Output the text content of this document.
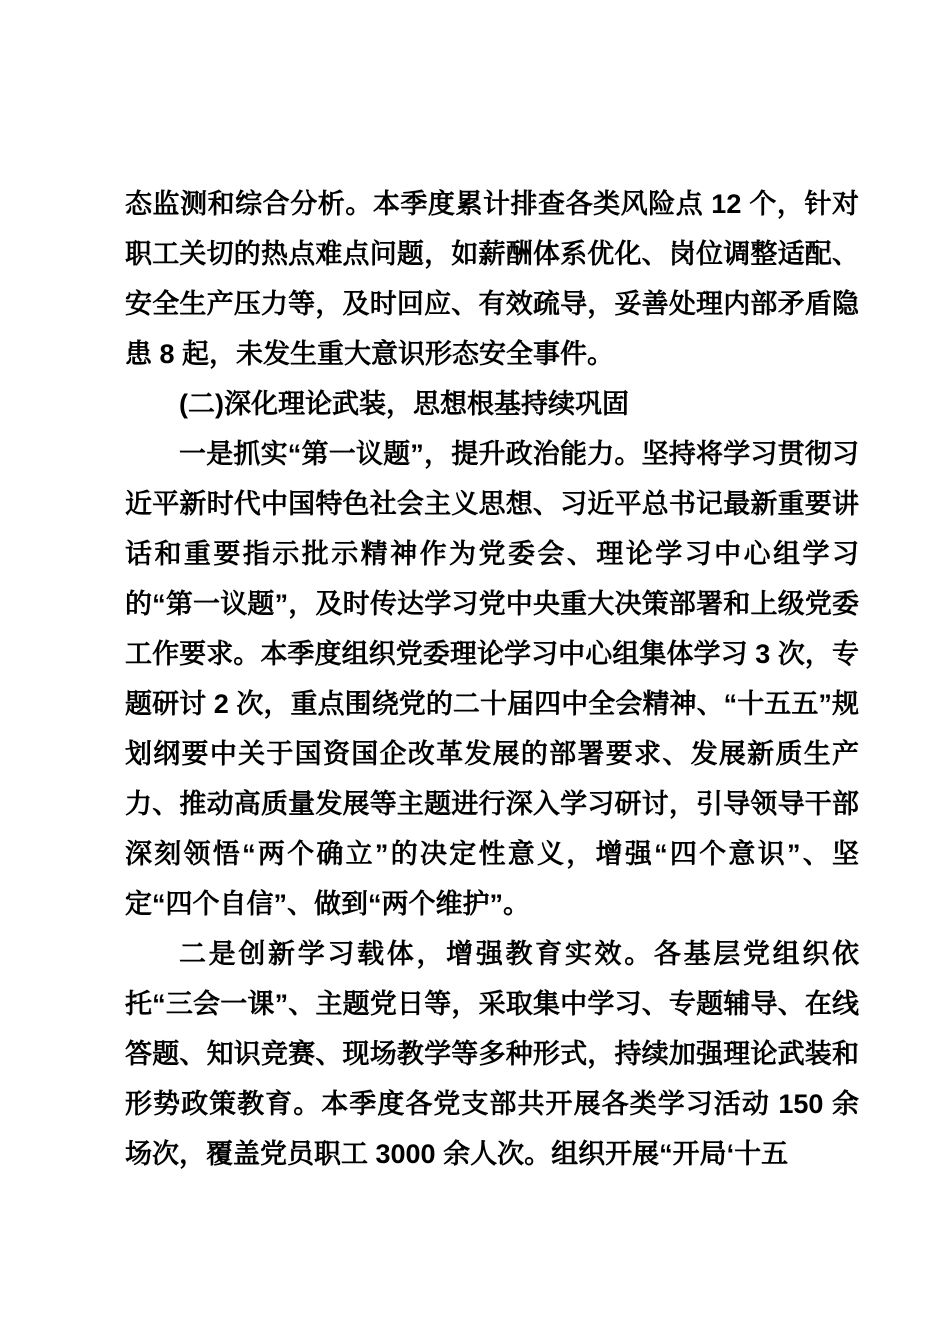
态监测和综合分析。本季度累计排查各类风险点 12 个，针对职工关切的热点难点问题，如薪酬体系优化、岗位调整适配、安全生产压力等，及时回应、有效疏导，妥善处理内部矛盾隐患 8 起，未发生重大意识形态安全事件。

(二)深化理论武装，思想根基持续巩固

一是抓实“第一议题”，提升政治能力。坚持将学习贯彻习近平新时代中国特色社会主义思想、习近平总书记最新重要讲话和重要指示批示精神作为党委会、理论学习中心组学习的“第一议题”，及时传达学习党中央重大决策部署和上级党委工作要求。本季度组织党委理论学习中心组集体学习 3 次，专题研讨 2 次，重点围绕党的二十届四中全会精神、“十五五”规划纲要中关于国资国企改革发展的部署要求、发展新质生产力、推动高质量发展等主题进行深入学习研讨，引导领导干部深刻领悟“两个确立”的决定性意义，增强“四个意识”、坚定“四个自信”、做到“两个维护”。

二是创新学习载体，增强教育实效。各基层党组织依托“三会一课”、主题党日等，采取集中学习、专题辅导、在线答题、知识竞赛、现场教学等多种形式，持续加强理论武装和形势政策教育。本季度各党支部共开展各类学习活动 150 余场次，覆盖党员职工 3000 余人次。组织开展“开局‘十五
